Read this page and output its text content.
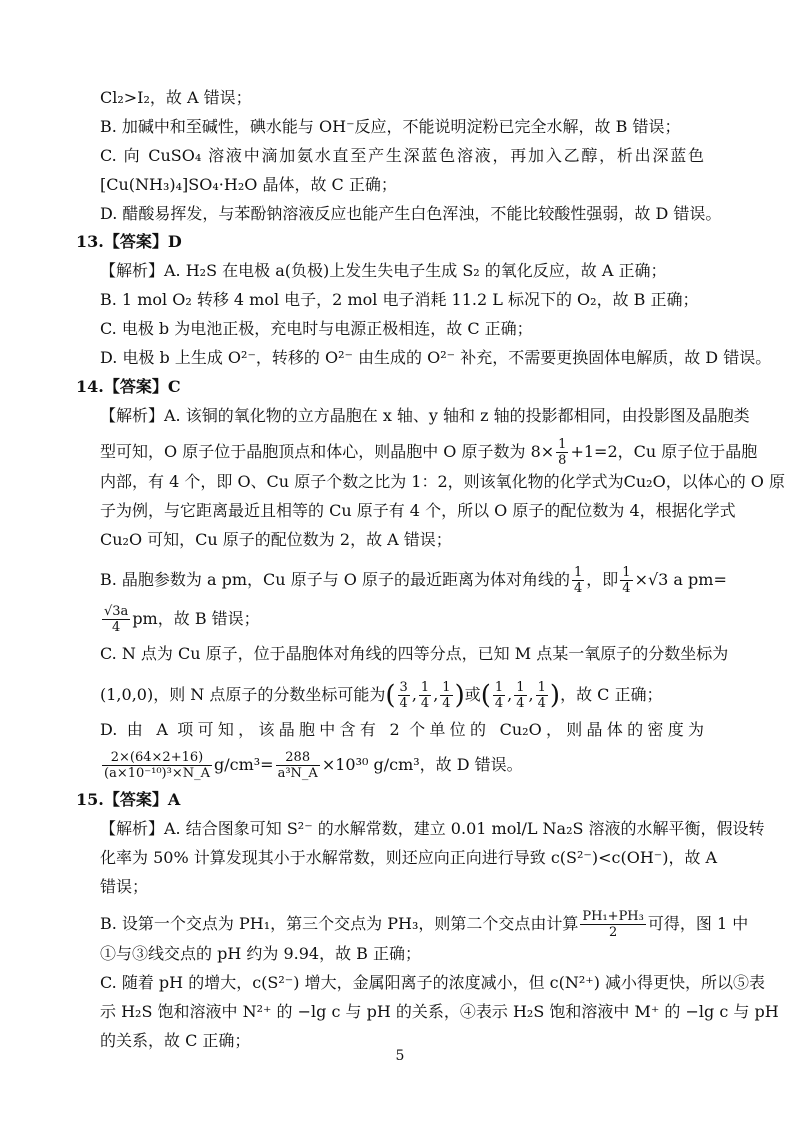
Cl₂>I₂，故 A 错误；
B. 加碱中和至碱性，碘水能与 OH⁻反应，不能说明淀粉已完全水解，故 B 错误；
C. 向 CuSO₄ 溶液中滴加氨水直至产生深蓝色溶液，再加入乙醇，析出深蓝色
[Cu(NH₃)₄]SO₄·H₂O 晶体，故 C 正确；
D. 醋酸易挥发，与苯酚钠溶液反应也能产生白色浑浊，不能比较酸性强弱，故 D 错误。
13.【答案】D
【解析】A. H₂S 在电极 a(负极)上发生失电子生成 S₂ 的氧化反应，故 A 正确；
B. 1 mol O₂ 转移 4 mol 电子，2 mol 电子消耗 11.2 L 标况下的 O₂，故 B 正确；
C. 电极 b 为电池正极，充电时与电源正极相连，故 C 正确；
D. 电极 b 上生成 O²⁻，转移的 O²⁻ 由生成的 O²⁻ 补充，不需要更换固体电解质，故 D 错误。
14.【答案】C
【解析】A. 该铜的氧化物的立方晶胞在 x 轴、y 轴和 z 轴的投影都相同，由投影图及晶胞类
型可知，O 原子位于晶胞顶点和体心，则晶胞中 O 原子数为 $8\times \frac{1}{8} +1=2$，Cu 原子位于晶胞
内部，有 4 个，即 O、Cu 原子个数之比为 1：2，则该氧化物的化学式为Cu₂O，以体心的 O 原
子为例，与它距离最近且相等的 Cu 原子有 4 个，所以 O 原子的配位数为 4，根据化学式
Cu₂O 可知，Cu 原子的配位数为 2，故 A 错误；
B. 晶胞参数为 a pm，Cu 原子与 O 原子的最近距离为体对角线的 $\frac{1}{4}$ ，即 $\frac{1}{4} \times√3$ a pm=
$\frac{√3a}{4}$ pm，故 B 错误；
C. N 点为 Cu 原子，位于晶胞体对角线的四等分点，已知 M 点某一氧原子的分数坐标为
(1,0,0)，则 N 点原子的分数坐标可能为( $\frac{3}{4}$ , $\frac{1}{4}$ , $\frac{1}{4}$ )或( $\frac{1}{4}$ , $\frac{1}{4}$ , $\frac{1}{4}$ )，故 C 正确；
D. 由 A 项可知，该晶胞中含有 2 个单位的 Cu₂O，则晶体的密度为
$\frac{2\times(64\times 2+16)}{\text{(a×10⁻¹⁰)³×N\_A}} g/cm^3= \frac{288}{\text{a³N\_A}} \times 10^{30}$ g/cm³，故 D 错误。
15.【答案】A
【解析】A. 结合图象可知 S²⁻ 的水解常数，建立 0.01 mol/L Na₂S 溶液的水解平衡，假设转
化率为 50% 计算发现其小于水解常数，则还应向正向进行导致 c(S²⁻)<c(OH⁻)，故 A
错误；
B. 设第一个交点为 PH₁，第三个交点为 PH₃，则第二个交点由计算 $\frac{\text{PH₁+PH₃}}{2}$ 可得，图 1 中
①与③线交点的 pH 约为 9.94，故 B 正确；
C. 随着 pH 的增大，c(S²⁻) 增大，金属阳离子的浓度减小，但 c(N²⁺) 减小得更快，所以⑤表
示 H₂S 饱和溶液中 N²⁺ 的 −lg c 与 pH 的关系，④表示 H₂S 饱和溶液中 M⁺ 的 −lg c 与 pH
的关系，故 C 正确；
5
